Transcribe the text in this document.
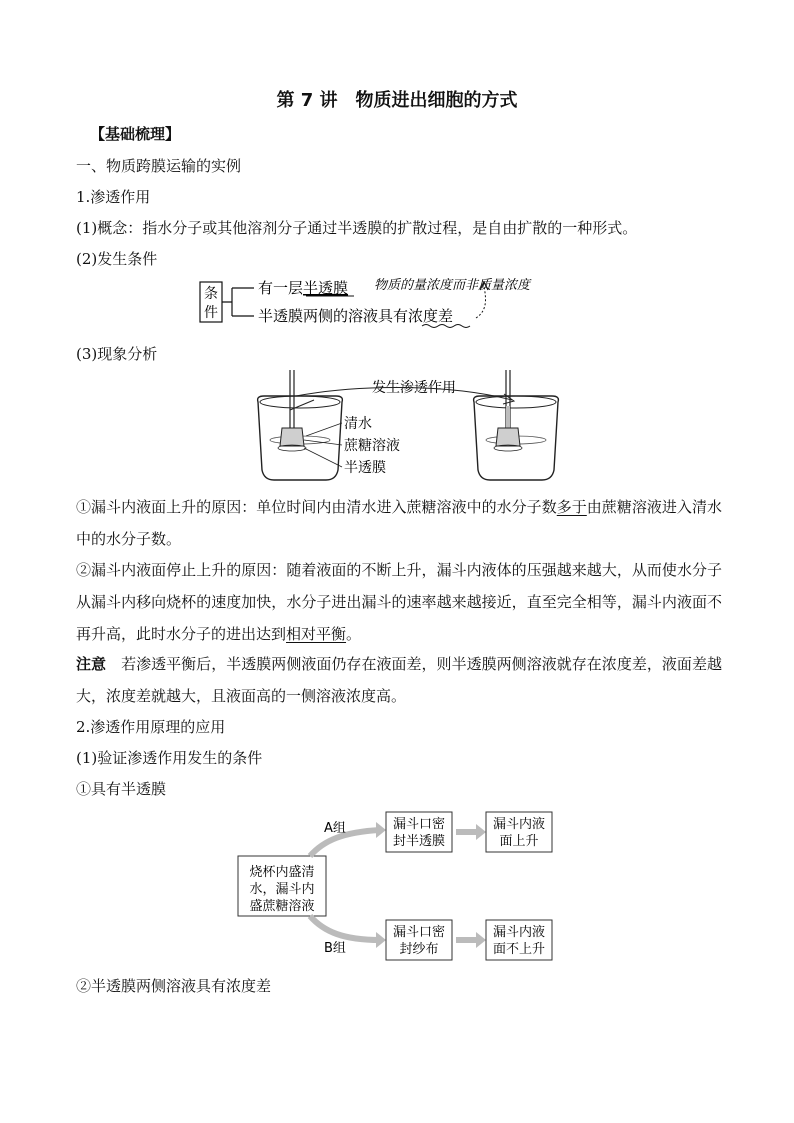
第 7 讲　物质进出细胞的方式
【基础梳理】
一、物质跨膜运输的实例
1.渗透作用
(1)概念：指水分子或其他溶剂分子通过半透膜的扩散过程，是自由扩散的一种形式。
(2)发生条件
条
件
有一层半透膜 物质的量浓度而非质量浓度
半透膜两侧的溶液具有浓度差
(3)现象分析
发生渗透作用
清水
蔗糖溶液
半透膜
①漏斗内液面上升的原因：单位时间内由清水进入蔗糖溶液中的水分子数多于由蔗糖溶液进入清水中的水分子数。
②漏斗内液面停止上升的原因：随着液面的不断上升，漏斗内液体的压强越来越大，从而使水分子从漏斗内移向烧杯的速度加快，水分子进出漏斗的速率越来越接近，直至完全相等，漏斗内液面不再升高，此时水分子的进出达到相对平衡。
注意　若渗透平衡后，半透膜两侧液面仍存在液面差，则半透膜两侧溶液就存在浓度差，液面差越大，浓度差就越大，且液面高的一侧溶液浓度高。
2.渗透作用原理的应用
(1)验证渗透作用发生的条件
①具有半透膜
烧杯内盛清
水，漏斗内
盛蔗糖溶液
A组
B组
漏斗口密
封半透膜
漏斗内液
面上升
漏斗口密
封纱布
漏斗内液
面不上升
②半透膜两侧溶液具有浓度差
